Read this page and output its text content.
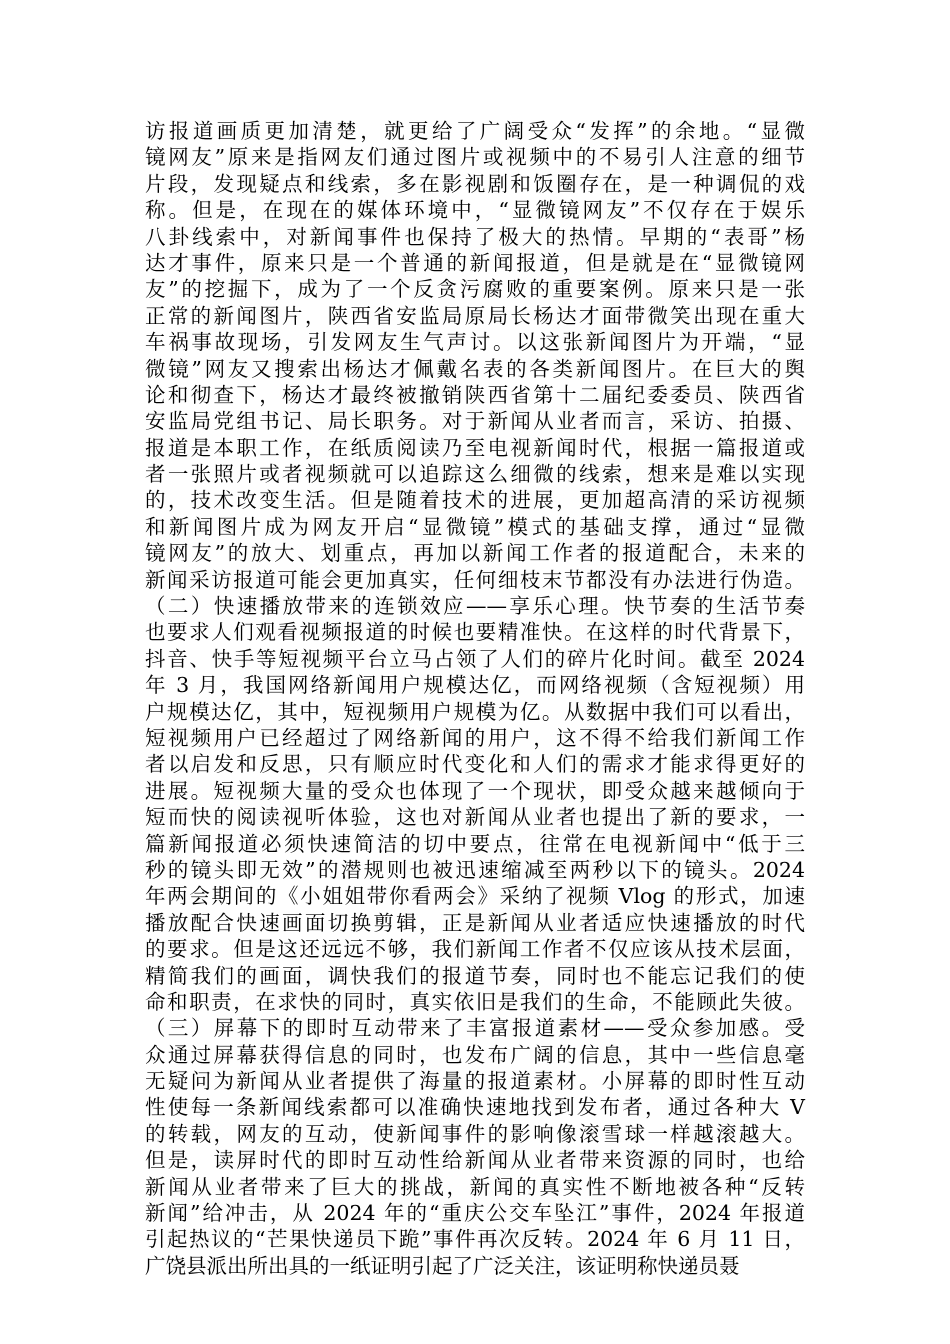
访报道画质更加清楚，就更给了广阔受众“发挥”的余地。“显微
镜网友”原来是指网友们通过图片或视频中的不易引人注意的细节
片段，发现疑点和线索，多在影视剧和饭圈存在，是一种调侃的戏
称。但是，在现在的媒体环境中，“显微镜网友”不仅存在于娱乐
八卦线索中，对新闻事件也保持了极大的热情。早期的“表哥”杨
达才事件，原来只是一个普通的新闻报道，但是就是在“显微镜网
友”的挖掘下，成为了一个反贪污腐败的重要案例。原来只是一张
正常的新闻图片，陕西省安监局原局长杨达才面带微笑出现在重大
车祸事故现场，引发网友生气声讨。以这张新闻图片为开端，“显
微镜”网友又搜索出杨达才佩戴名表的各类新闻图片。在巨大的舆
论和彻查下，杨达才最终被撤销陕西省第十二届纪委委员、陕西省
安监局党组书记、局长职务。对于新闻从业者而言，采访、拍摄、
报道是本职工作，在纸质阅读乃至电视新闻时代，根据一篇报道或
者一张照片或者视频就可以追踪这么细微的线索，想来是难以实现
的，技术改变生活。但是随着技术的进展，更加超高清的采访视频
和新闻图片成为网友开启“显微镜”模式的基础支撑，通过“显微
镜网友”的放大、划重点，再加以新闻工作者的报道配合，未来的
新闻采访报道可能会更加真实，任何细枝末节都没有办法进行伪造。
（二）快速播放带来的连锁效应——享乐心理。快节奏的生活节奏
也要求人们观看视频报道的时候也要精准快。在这样的时代背景下，
抖音、快手等短视频平台立马占领了人们的碎片化时间。截至 2024
年 3 月，我国网络新闻用户规模达亿，而网络视频（含短视频）用
户规模达亿，其中，短视频用户规模为亿。从数据中我们可以看出，
短视频用户已经超过了网络新闻的用户，这不得不给我们新闻工作
者以启发和反思，只有顺应时代变化和人们的需求才能求得更好的
进展。短视频大量的受众也体现了一个现状，即受众越来越倾向于
短而快的阅读视听体验，这也对新闻从业者也提出了新的要求，一
篇新闻报道必须快速简洁的切中要点，往常在电视新闻中“低于三
秒的镜头即无效”的潜规则也被迅速缩减至两秒以下的镜头。2024
年两会期间的《小姐姐带你看两会》采纳了视频 Vlog 的形式，加速
播放配合快速画面切换剪辑，正是新闻从业者适应快速播放的时代
的要求。但是这还远远不够，我们新闻工作者不仅应该从技术层面，
精简我们的画面，调快我们的报道节奏，同时也不能忘记我们的使
命和职责，在求快的同时，真实依旧是我们的生命，不能顾此失彼。
（三）屏幕下的即时互动带来了丰富报道素材——受众参加感。受
众通过屏幕获得信息的同时，也发布广阔的信息，其中一些信息毫
无疑问为新闻从业者提供了海量的报道素材。小屏幕的即时性互动
性使每一条新闻线索都可以准确快速地找到发布者，通过各种大 V
的转载，网友的互动，使新闻事件的影响像滚雪球一样越滚越大。
但是，读屏时代的即时互动性给新闻从业者带来资源的同时，也给
新闻从业者带来了巨大的挑战，新闻的真实性不断地被各种“反转
新闻”给冲击，从 2024 年的“重庆公交车坠江”事件，2024 年报道
引起热议的“芒果快递员下跪”事件再次反转。2024 年 6 月 11 日，
广饶县派出所出具的一纸证明引起了广泛关注，该证明称快递员聂
